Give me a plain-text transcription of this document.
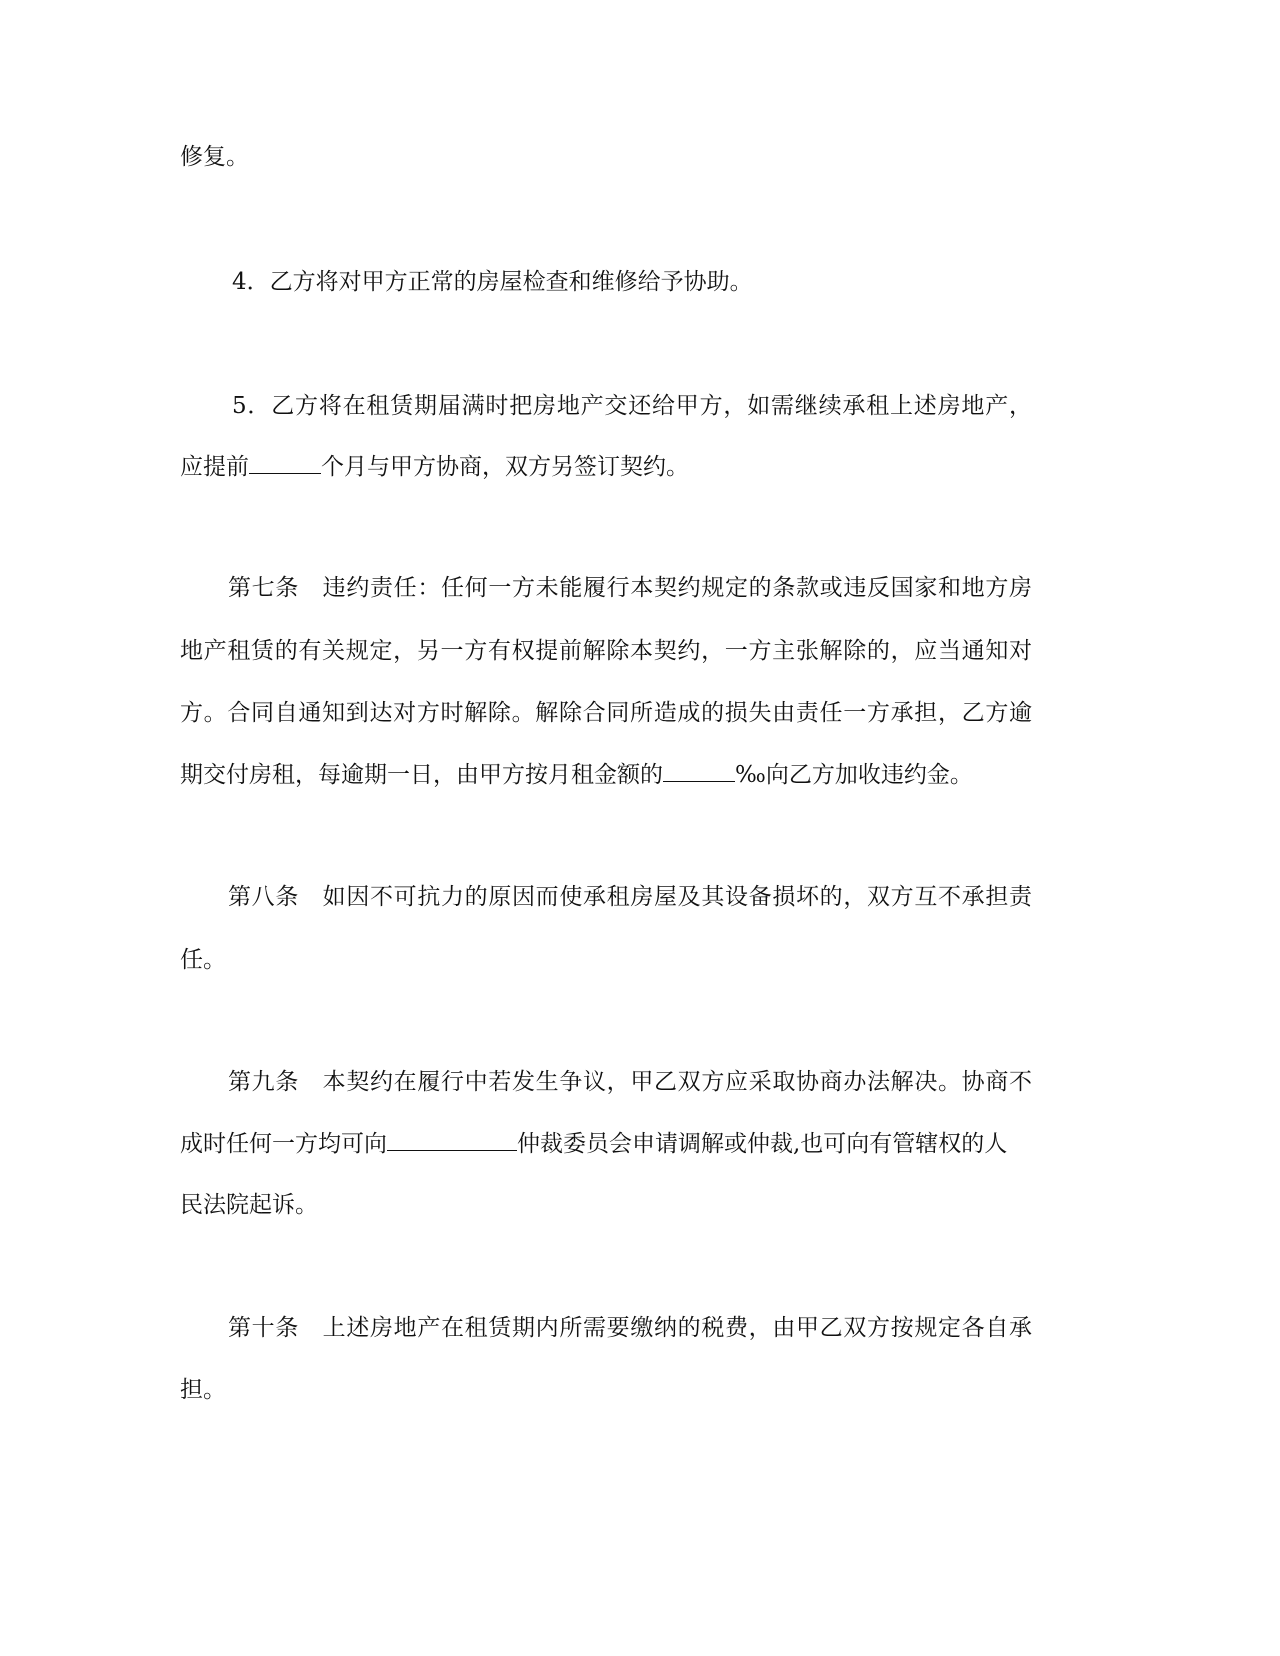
修复。
4．乙方将对甲方正常的房屋检查和维修给予协助。
5．乙方将在租赁期届满时把房地产交还给甲方，如需继续承租上述房地产，
应提前	个月与甲方协商，双方另签订契约。
第七条　违约责任：任何一方未能履行本契约规定的条款或违反国家和地方房
地产租赁的有关规定，另一方有权提前解除本契约，一方主张解除的，应当通知对
方。合同自通知到达对方时解除。解除合同所造成的损失由责任一方承担，乙方逾
期交付房租，每逾期一日，由甲方按月租金额的	‰向乙方加收违约金。
第八条　如因不可抗力的原因而使承租房屋及其设备损坏的，双方互不承担责
任。
第九条　本契约在履行中若发生争议，甲乙双方应采取协商办法解决。协商不
成时任何一方均可向	仲裁委员会申请调解或仲裁,也可向有管辖权的人
民法院起诉。
第十条　上述房地产在租赁期内所需要缴纳的税费，由甲乙双方按规定各自承
担。
